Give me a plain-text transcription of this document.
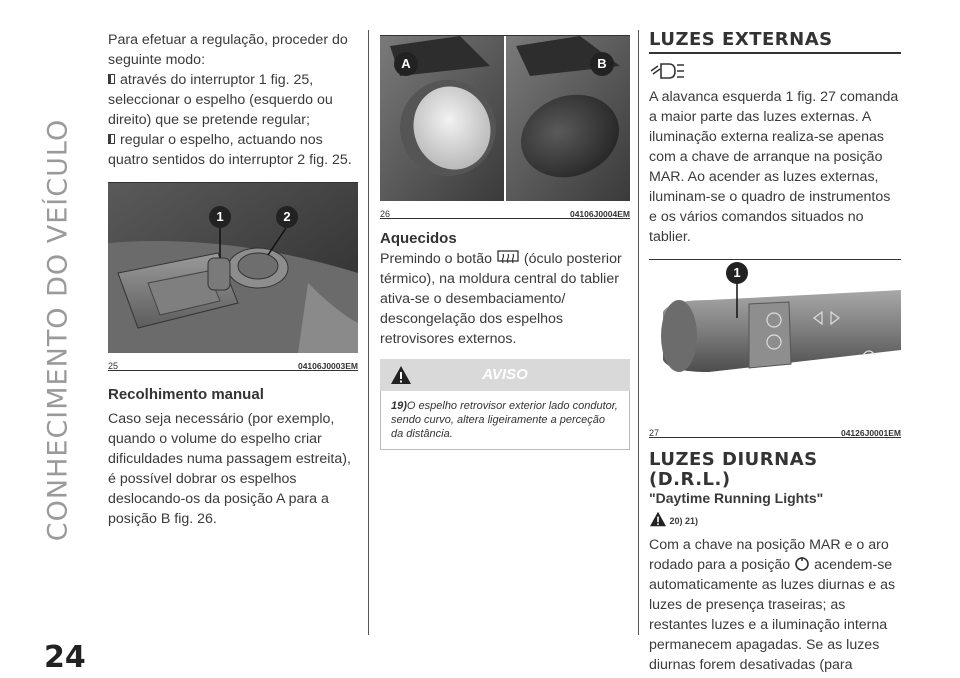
CONHECIMENTO DO VEÍCULO
24
Para efetuar a regulação, proceder do seguinte modo:
através do interruptor 1 fig. 25, seleccionar o espelho (esquerdo ou direito) que se pretende regular;
regular o espelho, actuando nos quatro sentidos do interruptor 2 fig. 25.
1	2
25	04106J0003EM
Recolhimento manual
Caso seja necessário (por exemplo, quando o volume do espelho criar dificuldades numa passagem estreita), é possível dobrar os espelhos deslocando-os da posição A para a posição B fig. 26.
A	B
26	04106J0004EM
Aquecidos
Premindo o botão (óculo posterior térmico), na moldura central do tablier ativa-se o desembaciamento/ descongelação dos espelhos retrovisores externos.
AVISO
19)O espelho retrovisor exterior lado condutor, sendo curvo, altera ligeiramente a perceção da distância.
LUZES EXTERNAS
A alavanca esquerda 1 fig. 27 comanda a maior parte das luzes externas. A iluminação externa realiza-se apenas com a chave de arranque na posição MAR. Ao acender as luzes externas, iluminam-se o quadro de instrumentos e os vários comandos situados no tablier.
1
27	04126J0001EM
LUZES DIURNAS (D.R.L.)
"Daytime Running Lights"
20) 21)
Com a chave na posição MAR e o aro rodado para a posição acendem-se automaticamente as luzes diurnas e as luzes de presença traseiras; as restantes luzes e a iluminação interna permanecem apagadas. Se as luzes diurnas forem desativadas (para
